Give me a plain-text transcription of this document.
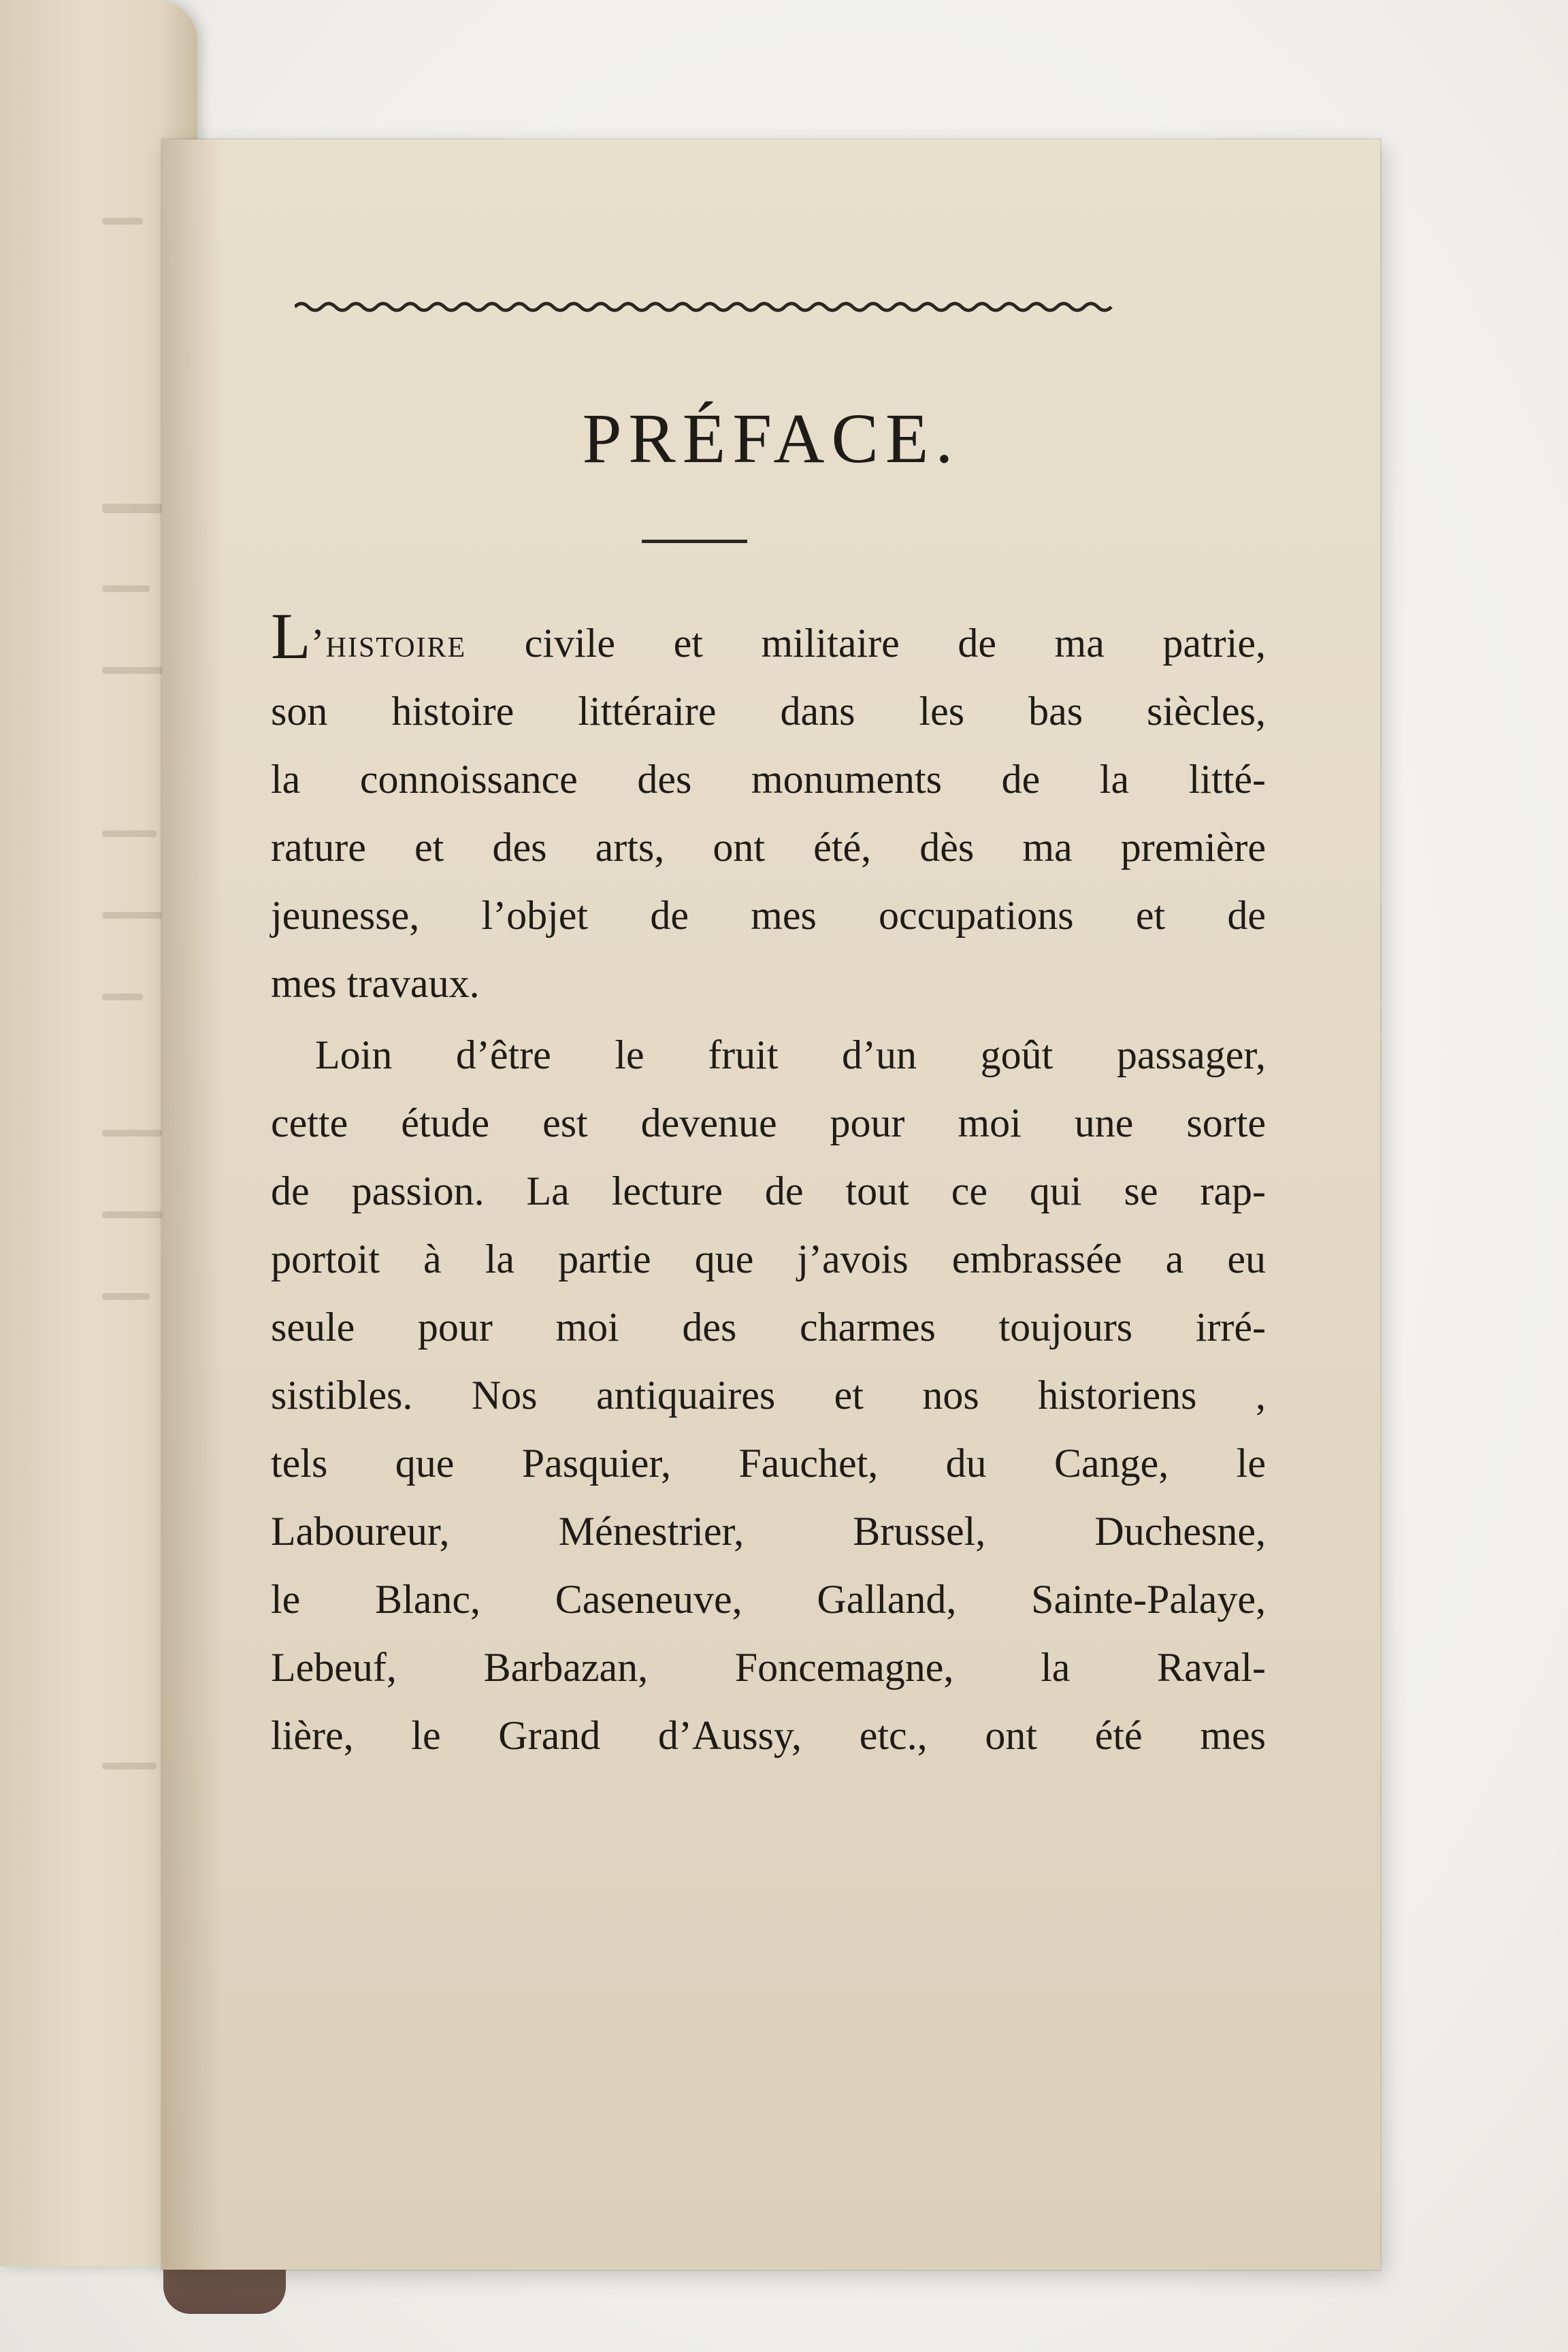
PRÉFACE.
L’histoire civile et militaire de ma patrie,
son histoire littéraire dans les bas siècles,
la connoissance des monuments de la litté-
rature et des arts, ont été, dès ma première
jeunesse, l’objet de mes occupations et de
mes travaux.
Loin d’être le fruit d’un goût passager,
cette étude est devenue pour moi une sorte
de passion. La lecture de tout ce qui se rap-
portoit à la partie que j’avois embrassée a eu
seule pour moi des charmes toujours irré-
sistibles. Nos antiquaires et nos historiens ,
tels que Pasquier, Fauchet, du Cange, le
Laboureur, Ménestrier, Brussel, Duchesne,
le Blanc, Caseneuve, Galland, Sainte-Palaye,
Lebeuf, Barbazan, Foncemagne, la Raval-
lière, le Grand d’Aussy, etc., ont été mes
